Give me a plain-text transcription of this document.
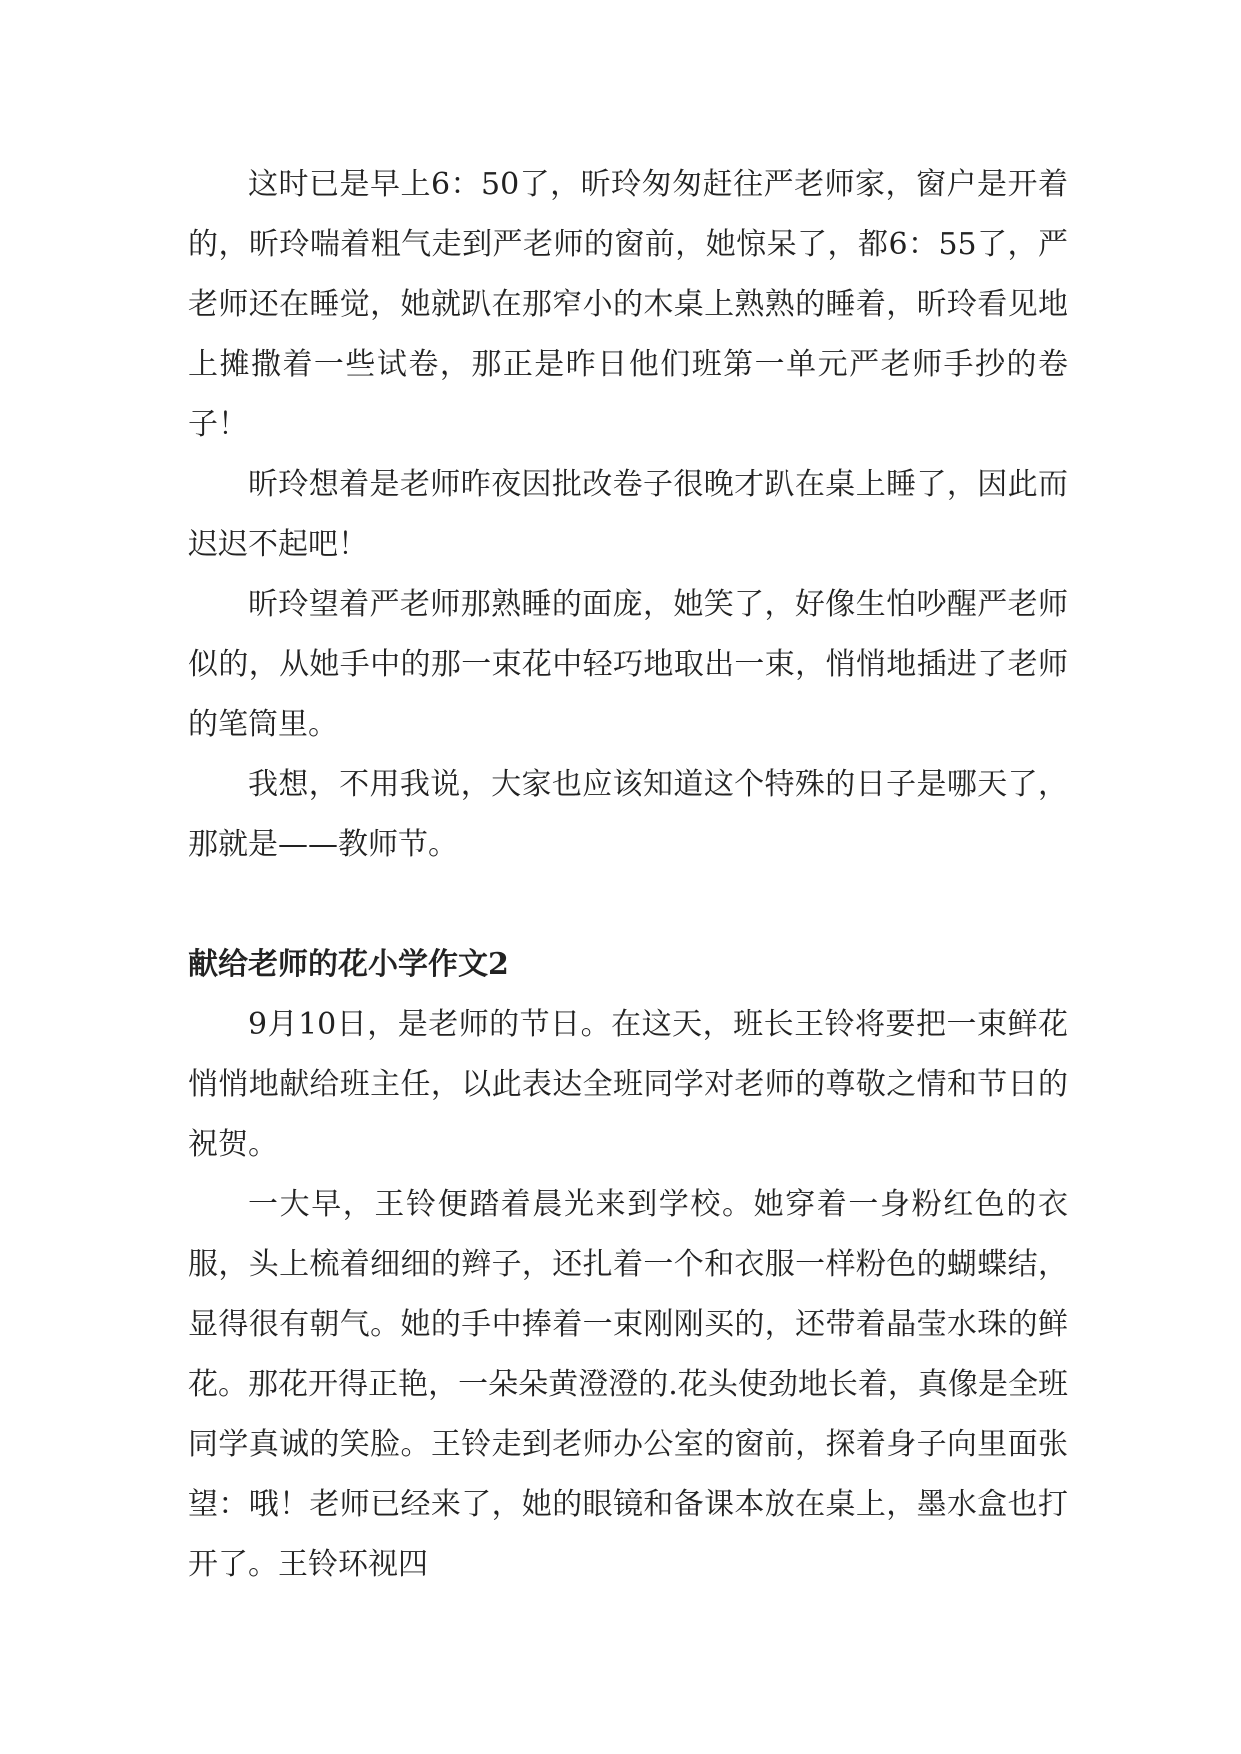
这时已是早上6：50了，昕玲匆匆赶往严老师家，窗户是开着的，昕玲喘着粗气走到严老师的窗前，她惊呆了，都6：55了，严老师还在睡觉，她就趴在那窄小的木桌上熟熟的睡着，昕玲看见地上摊撒着一些试卷，那正是昨日他们班第一单元严老师手抄的卷子！

昕玲想着是老师昨夜因批改卷子很晚才趴在桌上睡了，因此而迟迟不起吧！

昕玲望着严老师那熟睡的面庞，她笑了，好像生怕吵醒严老师似的，从她手中的那一束花中轻巧地取出一束，悄悄地插进了老师的笔筒里。

我想，不用我说，大家也应该知道这个特殊的日子是哪天了，那就是——教师节。

献给老师的花小学作文2

9月10日，是老师的节日。在这天，班长王铃将要把一束鲜花悄悄地献给班主任，以此表达全班同学对老师的尊敬之情和节日的祝贺。

一大早，王铃便踏着晨光来到学校。她穿着一身粉红色的衣服，头上梳着细细的辫子，还扎着一个和衣服一样粉色的蝴蝶结，显得很有朝气。她的手中捧着一束刚刚买的，还带着晶莹水珠的鲜花。那花开得正艳，一朵朵黄澄澄的.花头使劲地长着，真像是全班同学真诚的笑脸。王铃走到老师办公室的窗前，探着身子向里面张望：哦！老师已经来了，她的眼镜和备课本放在桌上，墨水盒也打开了。王铃环视四
